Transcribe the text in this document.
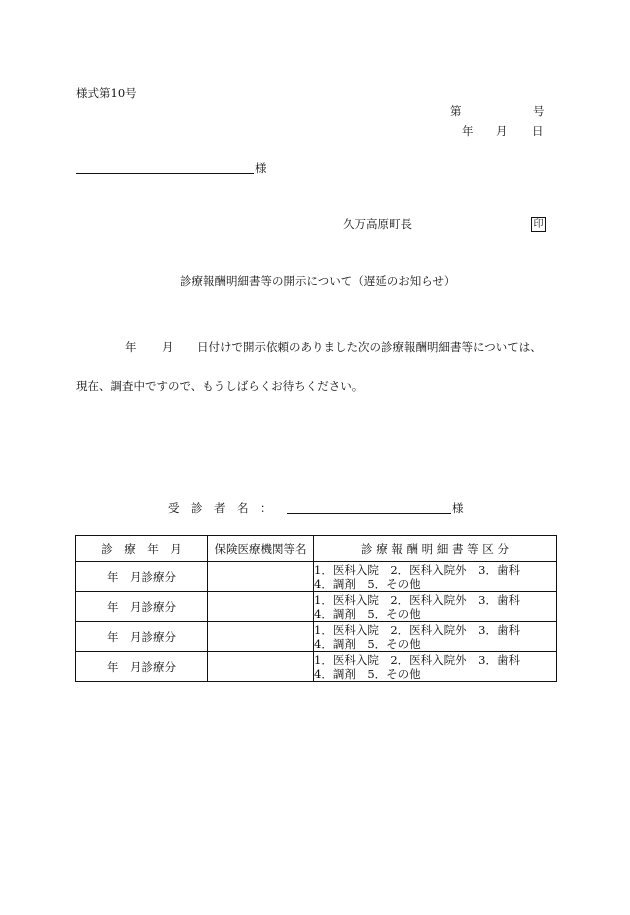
様式第10号
第	号
年 月 日
様
久万高原町長	印
診療報酬明細書等の開示について（遅延のお知らせ）
年 月 日付けで開示依頼のありました次の診療報酬明細書等については、
現在、調査中ですので、もうしばらくお待ちください。
受　診　者　名　：	様
診　療　年　月	保険医療機関等名	診 療 報 酬 明 細 書 等 区 分
年　月診療分		1．医科入院　2．医科入院外　3．歯科
4．調剤　5．その他

年　月診療分		1．医科入院　2．医科入院外　3．歯科
4．調剤　5．その他

年　月診療分		1．医科入院　2．医科入院外　3．歯科
4．調剤　5．その他

年　月診療分		1．医科入院　2．医科入院外　3．歯科
4．調剤　5．その他
